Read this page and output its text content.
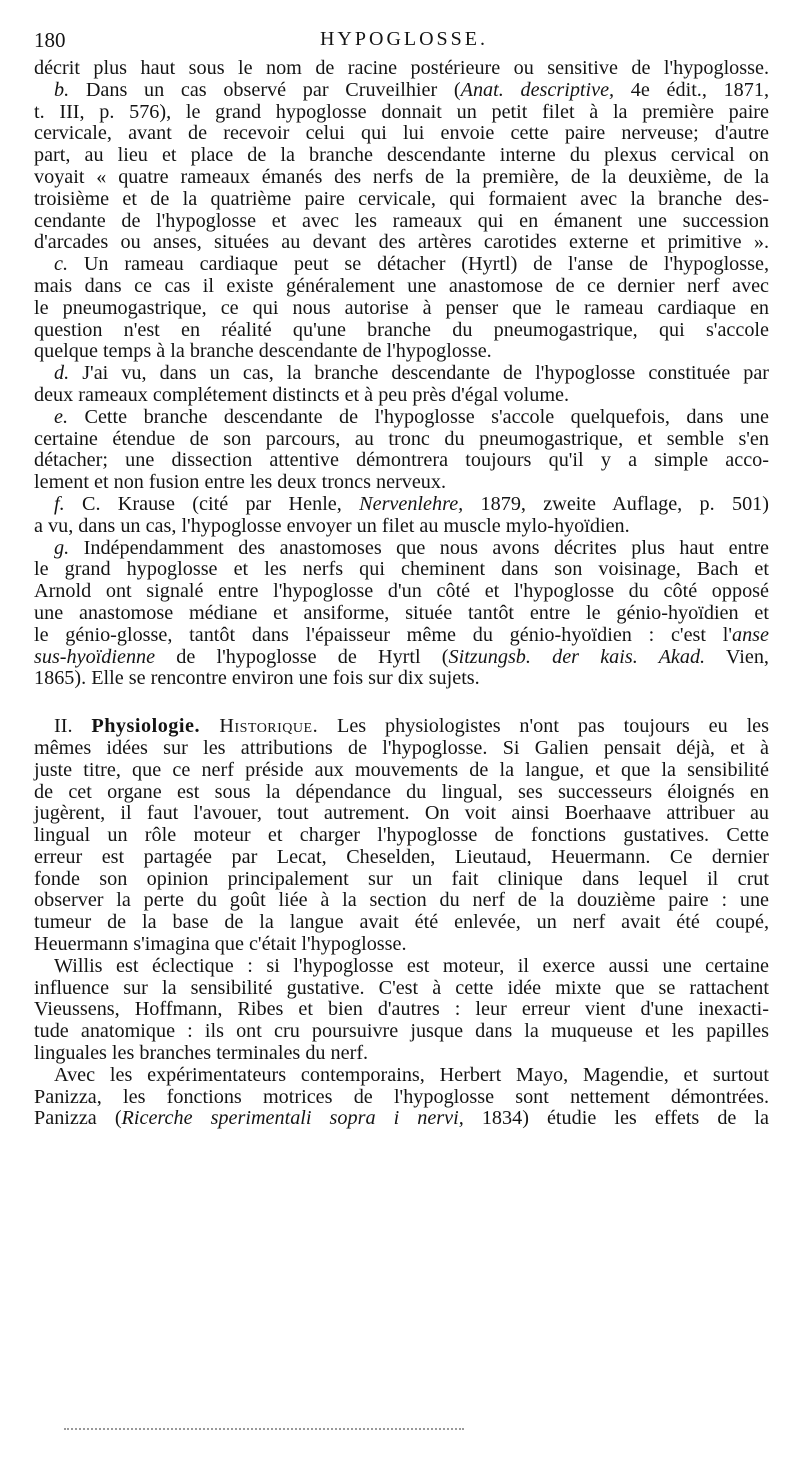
180	HYPOGLOSSE.
décrit plus haut sous le nom de racine postérieure ou sensitive de l'hypoglosse.
b. Dans un cas observé par Cruveilhier (Anat. descriptive, 4e édit., 1871,
t. III, p. 576), le grand hypoglosse donnait un petit filet à la première paire
cervicale, avant de recevoir celui qui lui envoie cette paire nerveuse; d'autre
part, au lieu et place de la branche descendante interne du plexus cervical on
voyait « quatre rameaux émanés des nerfs de la première, de la deuxième, de la
troisième et de la quatrième paire cervicale, qui formaient avec la branche des-
cendante de l'hypoglosse et avec les rameaux qui en émanent une succession
d'arcades ou anses, situées au devant des artères carotides externe et primitive ».
c. Un rameau cardiaque peut se détacher (Hyrtl) de l'anse de l'hypoglosse,
mais dans ce cas il existe généralement une anastomose de ce dernier nerf avec
le pneumogastrique, ce qui nous autorise à penser que le rameau cardiaque en
question n'est en réalité qu'une branche du pneumogastrique, qui s'accole
quelque temps à la branche descendante de l'hypoglosse.
d. J'ai vu, dans un cas, la branche descendante de l'hypoglosse constituée par
deux rameaux complétement distincts et à peu près d'égal volume.
e. Cette branche descendante de l'hypoglosse s'accole quelquefois, dans une
certaine étendue de son parcours, au tronc du pneumogastrique, et semble s'en
détacher; une dissection attentive démontrera toujours qu'il y a simple acco-
lement et non fusion entre les deux troncs nerveux.
f. C. Krause (cité par Henle, Nervenlehre, 1879, zweite Auflage, p. 501)
a vu, dans un cas, l'hypoglosse envoyer un filet au muscle mylo-hyoïdien.
g. Indépendamment des anastomoses que nous avons décrites plus haut entre
le grand hypoglosse et les nerfs qui cheminent dans son voisinage, Bach et
Arnold ont signalé entre l'hypoglosse d'un côté et l'hypoglosse du côté opposé
une anastomose médiane et ansiforme, située tantôt entre le génio-hyoïdien et
le génio-glosse, tantôt dans l'épaisseur même du génio-hyoïdien : c'est l'anse
sus-hyoïdienne de l'hypoglosse de Hyrtl (Sitzungsb. der kais. Akad. Vien,
1865). Elle se rencontre environ une fois sur dix sujets.
II. Physiologie. Historique. Les physiologistes n'ont pas toujours eu les
mêmes idées sur les attributions de l'hypoglosse. Si Galien pensait déjà, et à
juste titre, que ce nerf préside aux mouvements de la langue, et que la sensibilité
de cet organe est sous la dépendance du lingual, ses successeurs éloignés en
jugèrent, il faut l'avouer, tout autrement. On voit ainsi Boerhaave attribuer au
lingual un rôle moteur et charger l'hypoglosse de fonctions gustatives. Cette
erreur est partagée par Lecat, Cheselden, Lieutaud, Heuermann. Ce dernier
fonde son opinion principalement sur un fait clinique dans lequel il crut
observer la perte du goût liée à la section du nerf de la douzième paire : une
tumeur de la base de la langue avait été enlevée, un nerf avait été coupé,
Heuermann s'imagina que c'était l'hypoglosse.
Willis est éclectique : si l'hypoglosse est moteur, il exerce aussi une certaine
influence sur la sensibilité gustative. C'est à cette idée mixte que se rattachent
Vieussens, Hoffmann, Ribes et bien d'autres : leur erreur vient d'une inexacti-
tude anatomique : ils ont cru poursuivre jusque dans la muqueuse et les papilles
linguales les branches terminales du nerf.
Avec les expérimentateurs contemporains, Herbert Mayo, Magendie, et surtout
Panizza, les fonctions motrices de l'hypoglosse sont nettement démontrées.
Panizza (Ricerche sperimentali sopra i nervi, 1834) étudie les effets de la
